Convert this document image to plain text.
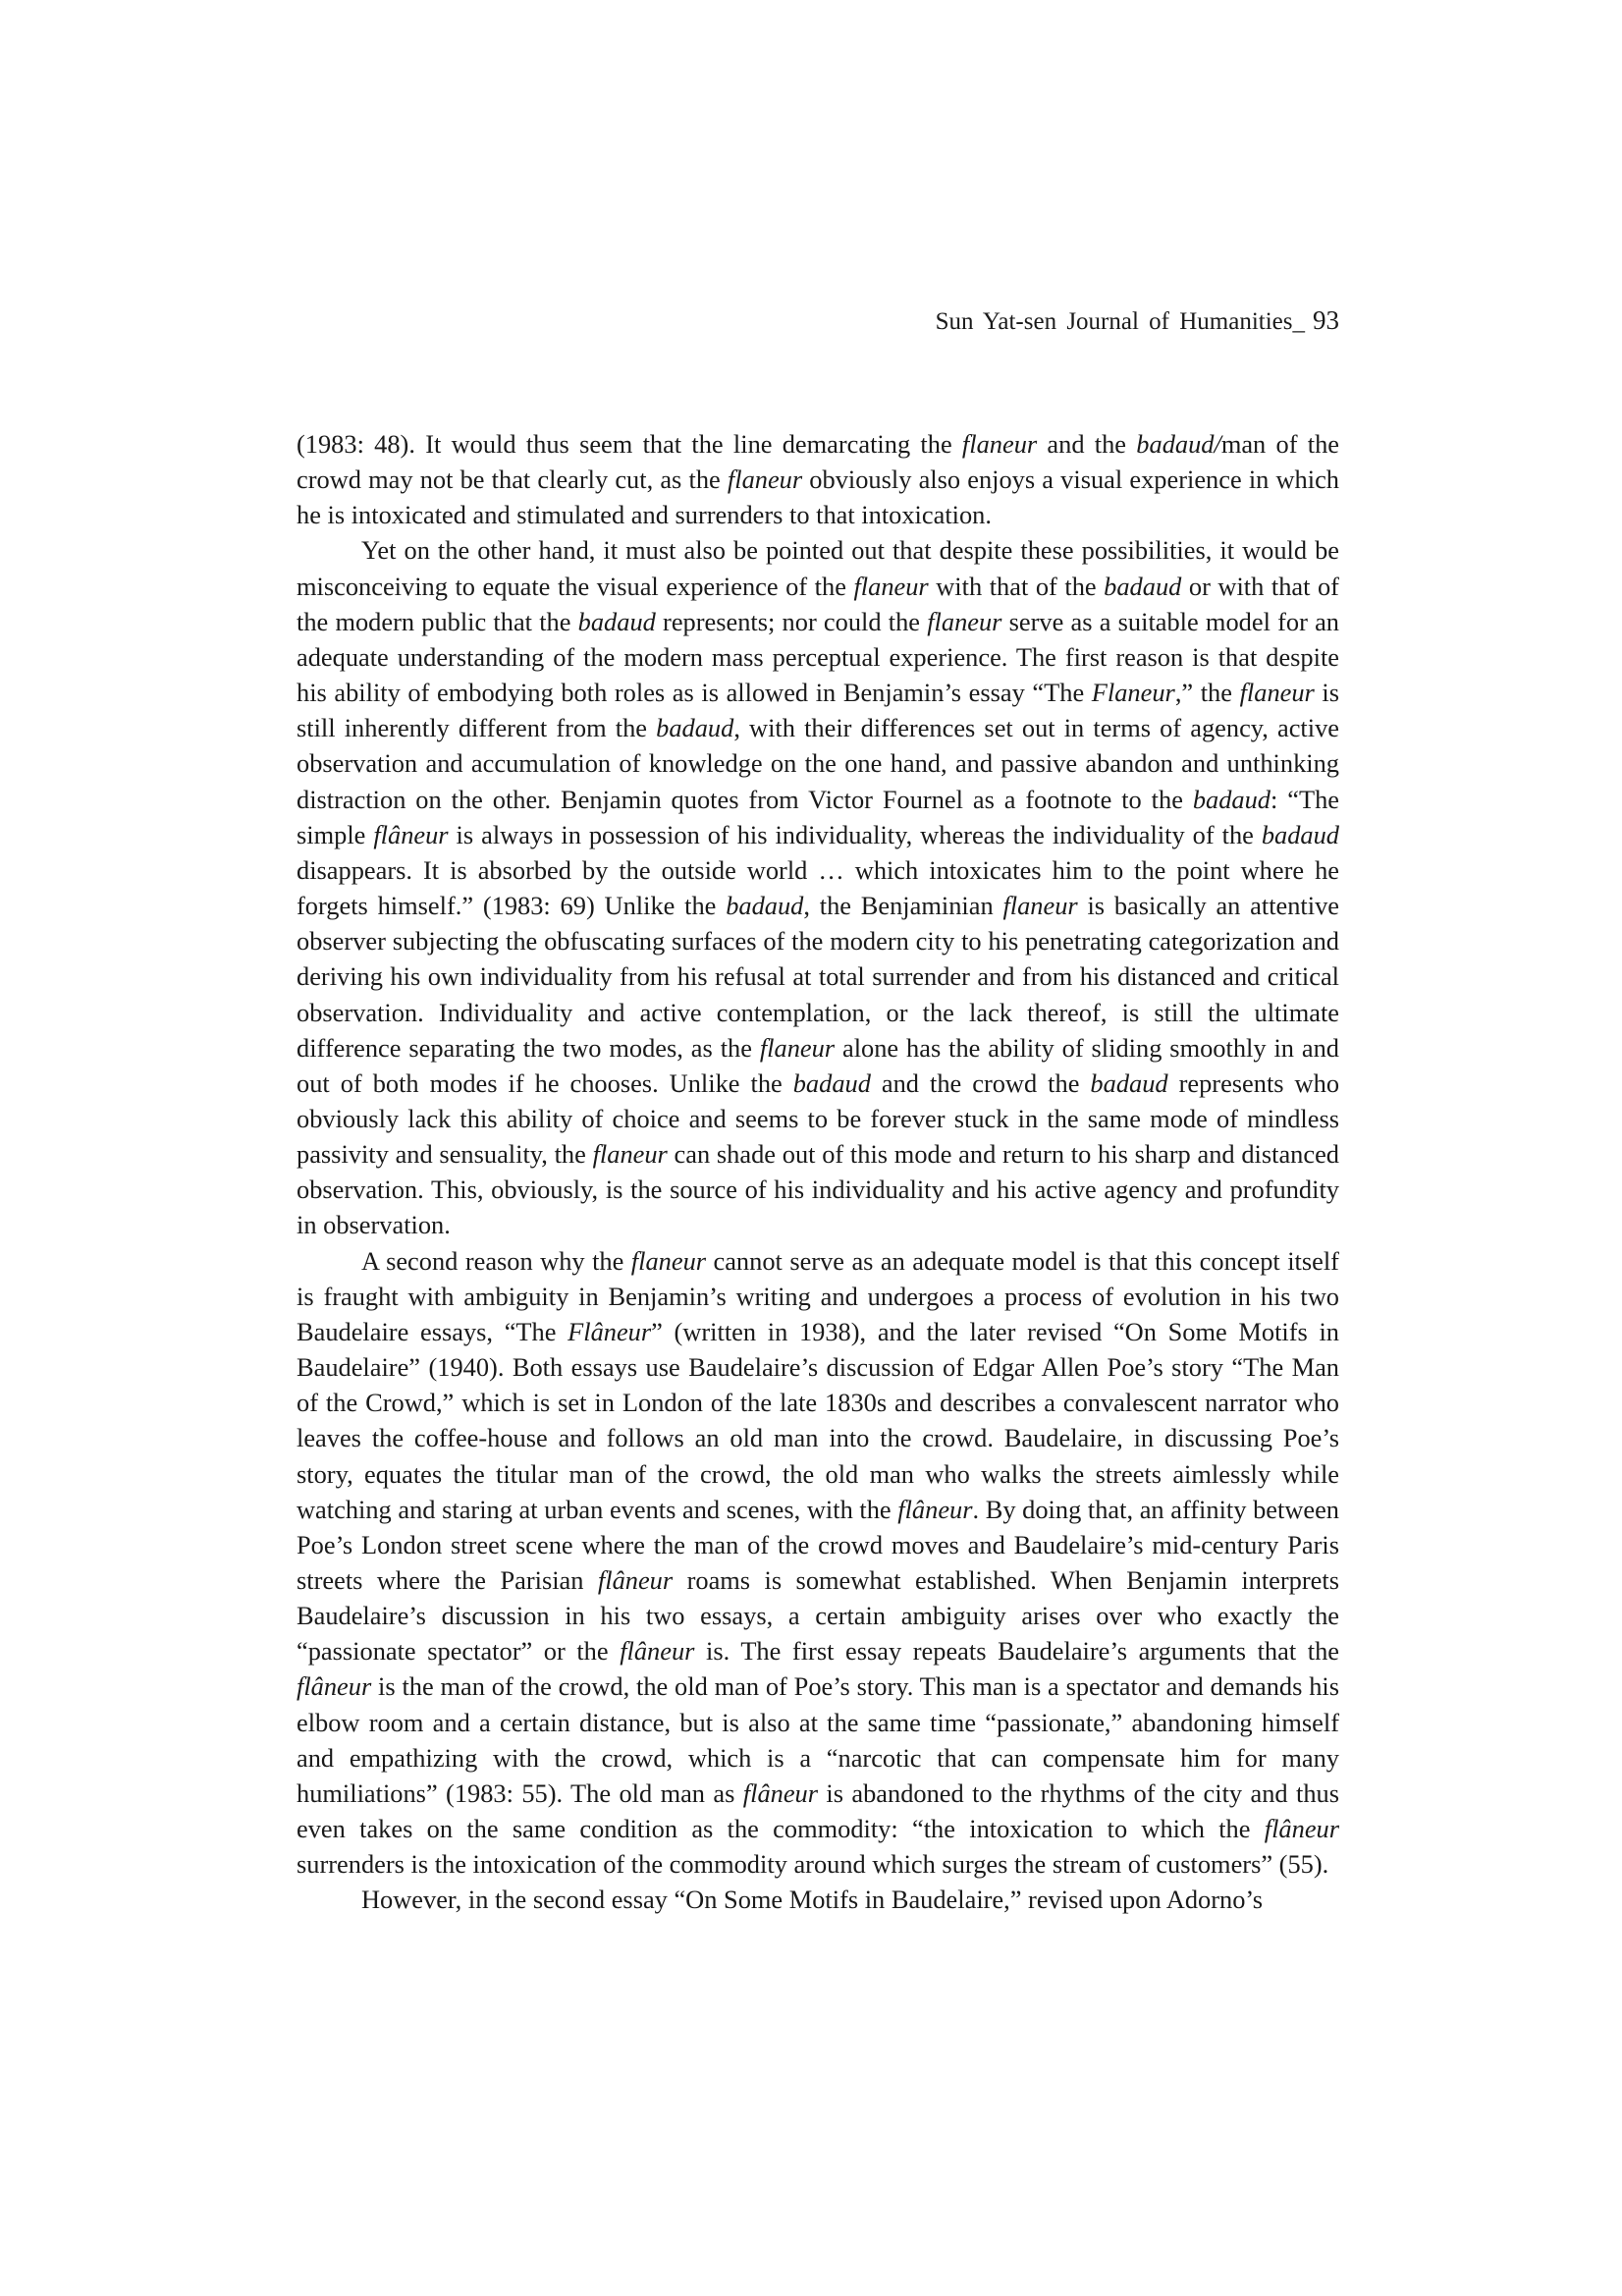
Sun Yat-sen Journal of Humanities_ 93

(1983: 48). It would thus seem that the line demarcating the flaneur and the badaud/man of the crowd may not be that clearly cut, as the flaneur obviously also enjoys a visual experience in which he is intoxicated and stimulated and surrenders to that intoxication.

Yet on the other hand, it must also be pointed out that despite these possibilities, it would be misconceiving to equate the visual experience of the flaneur with that of the badaud or with that of the modern public that the badaud represents; nor could the flaneur serve as a suitable model for an adequate understanding of the modern mass perceptual experience. The first reason is that despite his ability of embodying both roles as is allowed in Benjamin’s essay “The Flaneur,” the flaneur is still inherently different from the badaud, with their differences set out in terms of agency, active observation and accumulation of knowledge on the one hand, and passive abandon and unthinking distraction on the other. Benjamin quotes from Victor Fournel as a footnote to the badaud: “The simple flâneur is always in possession of his individuality, whereas the individuality of the badaud disappears. It is absorbed by the outside world … which intoxicates him to the point where he forgets himself.” (1983: 69) Unlike the badaud, the Benjaminian flaneur is basically an attentive observer subjecting the obfuscating surfaces of the modern city to his penetrating categorization and deriving his own individuality from his refusal at total surrender and from his distanced and critical observation. Individuality and active contemplation, or the lack thereof, is still the ultimate difference separating the two modes, as the flaneur alone has the ability of sliding smoothly in and out of both modes if he chooses. Unlike the badaud and the crowd the badaud represents who obviously lack this ability of choice and seems to be forever stuck in the same mode of mindless passivity and sensuality, the flaneur can shade out of this mode and return to his sharp and distanced observation. This, obviously, is the source of his individuality and his active agency and profundity in observation.

A second reason why the flaneur cannot serve as an adequate model is that this concept itself is fraught with ambiguity in Benjamin’s writing and undergoes a process of evolution in his two Baudelaire essays, “The Flâneur” (written in 1938), and the later revised “On Some Motifs in Baudelaire” (1940). Both essays use Baudelaire’s discussion of Edgar Allen Poe’s story “The Man of the Crowd,” which is set in London of the late 1830s and describes a convalescent narrator who leaves the coffee-house and follows an old man into the crowd. Baudelaire, in discussing Poe’s story, equates the titular man of the crowd, the old man who walks the streets aimlessly while watching and staring at urban events and scenes, with the flâneur. By doing that, an affinity between Poe’s London street scene where the man of the crowd moves and Baudelaire’s mid-century Paris streets where the Parisian flâneur roams is somewhat established. When Benjamin interprets Baudelaire’s discussion in his two essays, a certain ambiguity arises over who exactly the “passionate spectator” or the flâneur is. The first essay repeats Baudelaire’s arguments that the flâneur is the man of the crowd, the old man of Poe’s story. This man is a spectator and demands his elbow room and a certain distance, but is also at the same time “passionate,” abandoning himself and empathizing with the crowd, which is a “narcotic that can compensate him for many humiliations” (1983: 55). The old man as flâneur is abandoned to the rhythms of the city and thus even takes on the same condition as the commodity: “the intoxication to which the flâneur surrenders is the intoxication of the commodity around which surges the stream of customers” (55).

However, in the second essay “On Some Motifs in Baudelaire,” revised upon Adorno’s
